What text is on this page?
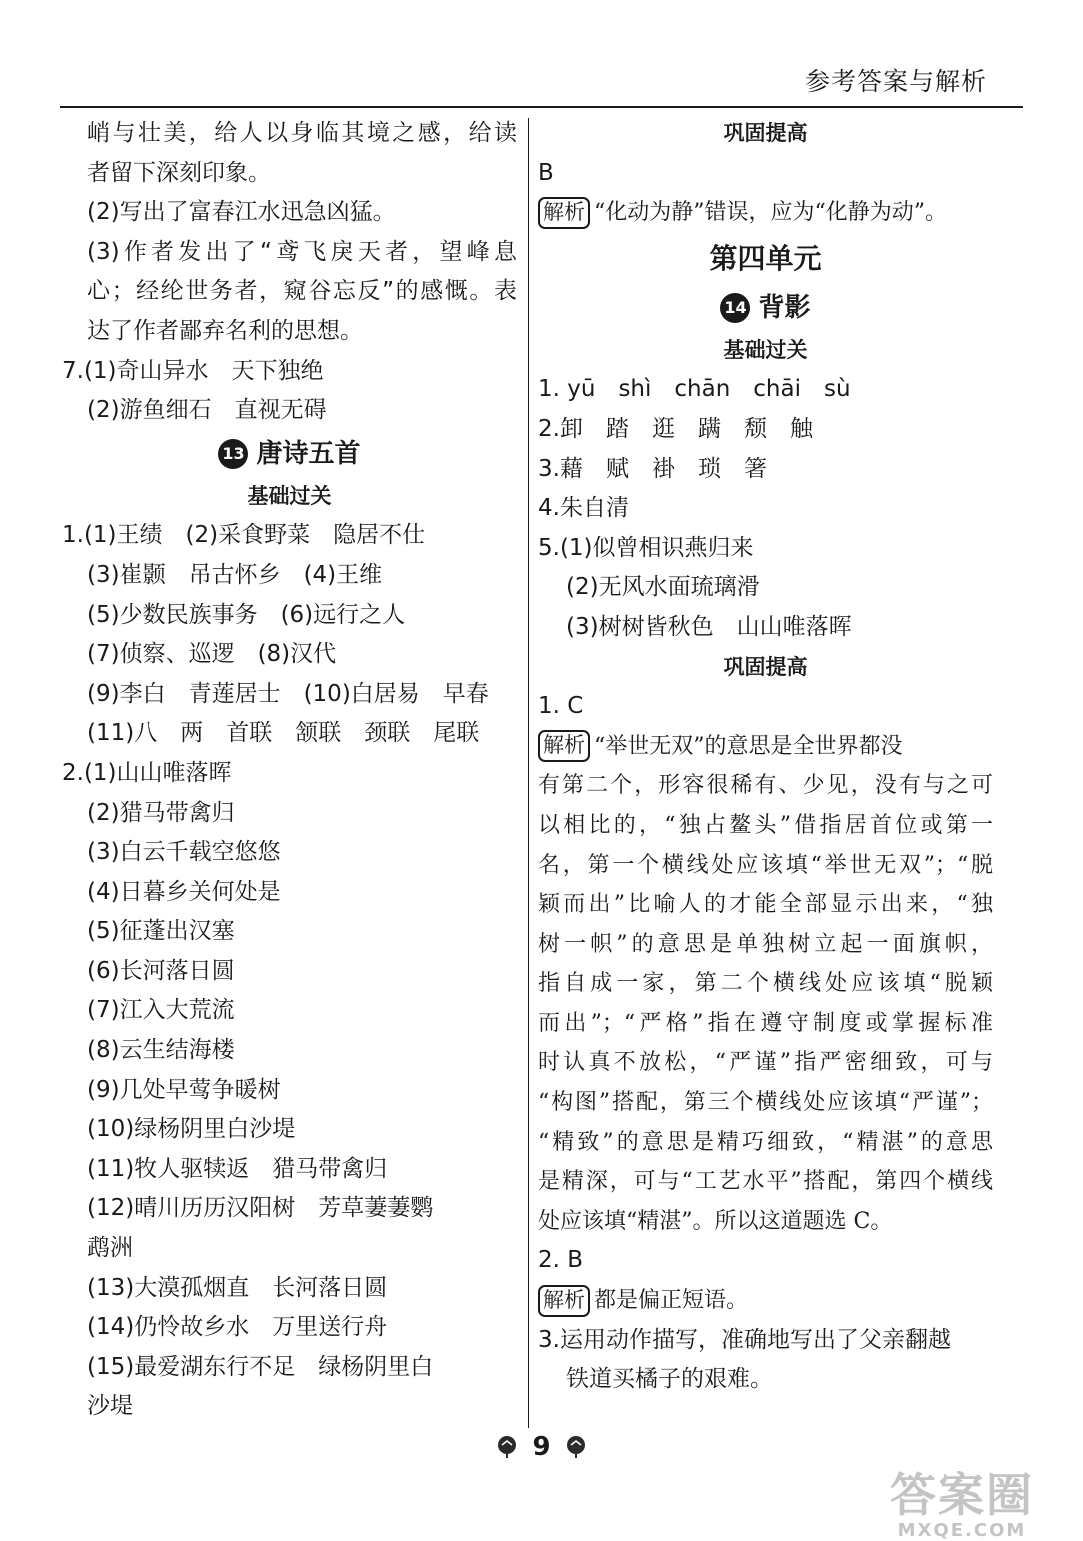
参考答案与解析
峭与壮美，给人以身临其境之感，给读
者留下深刻印象。
(2)写出了富春江水迅急凶猛。
(3)作者发出了“鸢飞戾天者，望峰息
心；经纶世务者，窥谷忘反”的感慨。表
达了作者鄙弃名利的思想。
7.(1)奇山异水　天下独绝
(2)游鱼细石　直视无碍
13 唐诗五首
基础过关
1.(1)王绩　(2)采食野菜　隐居不仕
(3)崔颢　吊古怀乡　(4)王维
(5)少数民族事务　(6)远行之人
(7)侦察、巡逻　(8)汉代
(9)李白　青莲居士　(10)白居易　早春
(11)八　两　首联　颔联　颈联　尾联
2.(1)山山唯落晖
(2)猎马带禽归
(3)白云千载空悠悠
(4)日暮乡关何处是
(5)征蓬出汉塞
(6)长河落日圆
(7)江入大荒流
(8)云生结海楼
(9)几处早莺争暖树
(10)绿杨阴里白沙堤
(11)牧人驱犊返　猎马带禽归
(12)晴川历历汉阳树　芳草萋萋鹦
鹉洲
(13)大漠孤烟直　长河落日圆
(14)仍怜故乡水　万里送行舟
(15)最爱湖东行不足　绿杨阴里白
沙堤
巩固提高
B
解析 “化动为静”错误，应为“化静为动”。
第四单元
14 背影
基础过关
1. yū　shì　chān　chāi　sù
2.卸　踏　逛　蹒　颓　触
3.藉　赋　褂　琐　箸
4.朱自清
5.(1)似曾相识燕归来
(2)无风水面琉璃滑
(3)树树皆秋色　山山唯落晖
巩固提高
1. C
解析 “举世无双”的意思是全世界都没
有第二个，形容很稀有、少见，没有与之可
以相比的，“独占鳌头”借指居首位或第一
名，第一个横线处应该填“举世无双”；“脱
颖而出”比喻人的才能全部显示出来，“独
树一帜”的意思是单独树立起一面旗帜，
指自成一家，第二个横线处应该填“脱颖
而出”；“严格”指在遵守制度或掌握标准
时认真不放松，“严谨”指严密细致，可与
“构图”搭配，第三个横线处应该填“严谨”；
“精致”的意思是精巧细致，“精湛”的意思
是精深，可与“工艺水平”搭配，第四个横线
处应该填“精湛”。所以这道题选 C。
2. B
解析 都是偏正短语。
3.运用动作描写，准确地写出了父亲翻越
铁道买橘子的艰难。
9
答案圈
MXQE.COM
